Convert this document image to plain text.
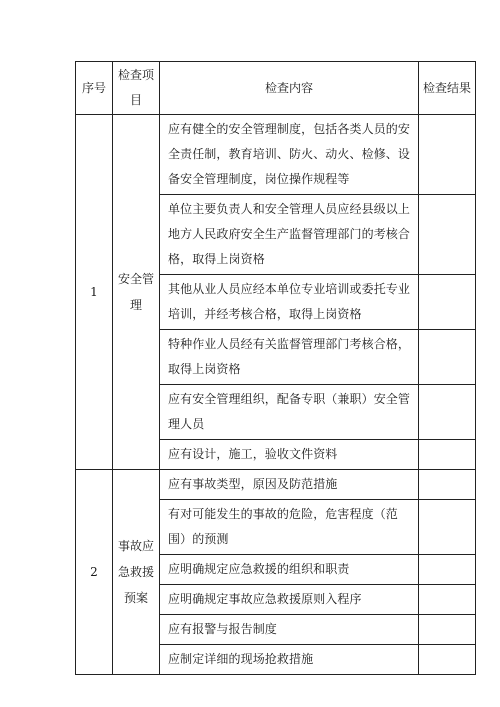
序号	检查项目	检查内容	检查结果
1	安全管理	应有健全的安全管理制度，包括各类人员的安全责任制，教育培训、防火、动火、检修、设备安全管理制度，岗位操作规程等	
		单位主要负责人和安全管理人员应经县级以上地方人民政府安全生产监督管理部门的考核合格，取得上岗资格	
		其他从业人员应经本单位专业培训或委托专业培训，并经考核合格，取得上岗资格	
		特种作业人员经有关监督管理部门考核合格，取得上岗资格	
		应有安全管理组织，配备专职（兼职）安全管理人员	
		应有设计，施工，验收文件资料	
2	事故应急救援预案	应有事故类型，原因及防范措施	
		有对可能发生的事故的危险，危害程度（范围）的预测	
		应明确规定应急救援的组织和职责	
		应明确规定事故应急救援原则入程序	
		应有报警与报告制度	
		应制定详细的现场抢救措施	
